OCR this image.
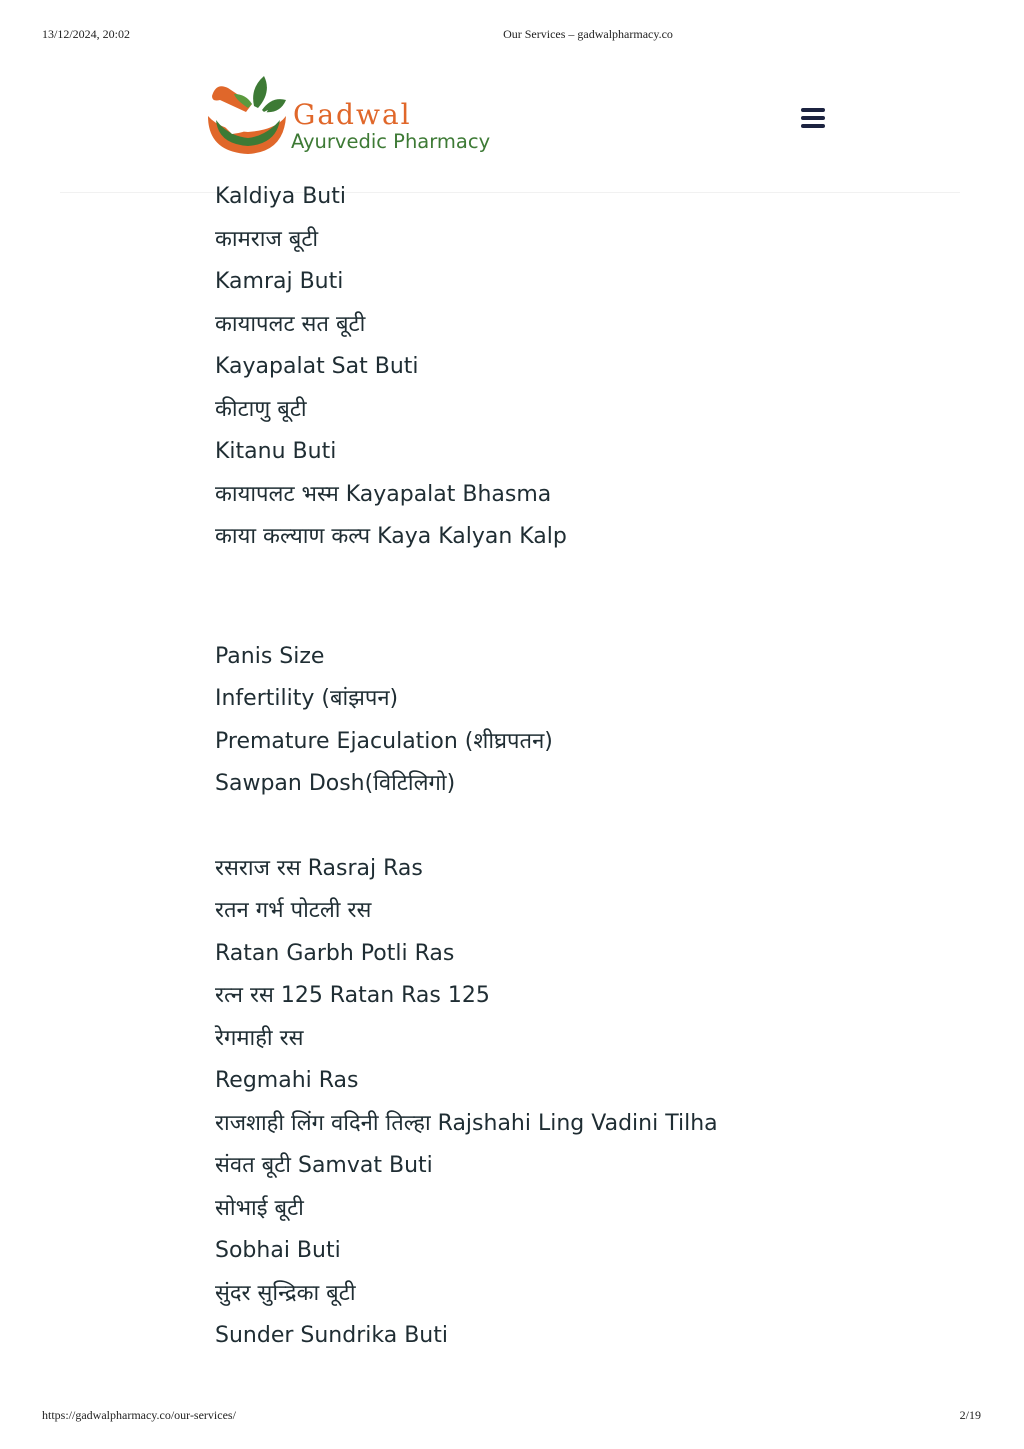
13/12/2024, 20:02	Our Services – gadwalpharmacy.co
Gadwal
Ayurvedic Pharmacy
Kaldiya Buti
कामराज बूटी
Kamraj Buti
कायापलट सत बूटी
Kayapalat Sat Buti
कीटाणु बूटी
Kitanu Buti
कायापलट भस्म Kayapalat Bhasma
काया कल्याण कल्प Kaya Kalyan Kalp
Panis Size
Infertility (बांझपन)
Premature Ejaculation (शीघ्रपतन)
Sawpan Dosh(विटिलिगो)
रसराज रस Rasraj Ras
रतन गर्भ पोटली रस
Ratan Garbh Potli Ras
रत्न रस 125 Ratan Ras 125
रेगमाही रस
Regmahi Ras
राजशाही लिंग वदिनी तिल्हा Rajshahi Ling Vadini Tilha
संवत बूटी Samvat Buti
सोभाई बूटी
Sobhai Buti
सुंदर सुन्द्रिका बूटी
Sunder Sundrika Buti
https://gadwalpharmacy.co/our-services/	2/19
